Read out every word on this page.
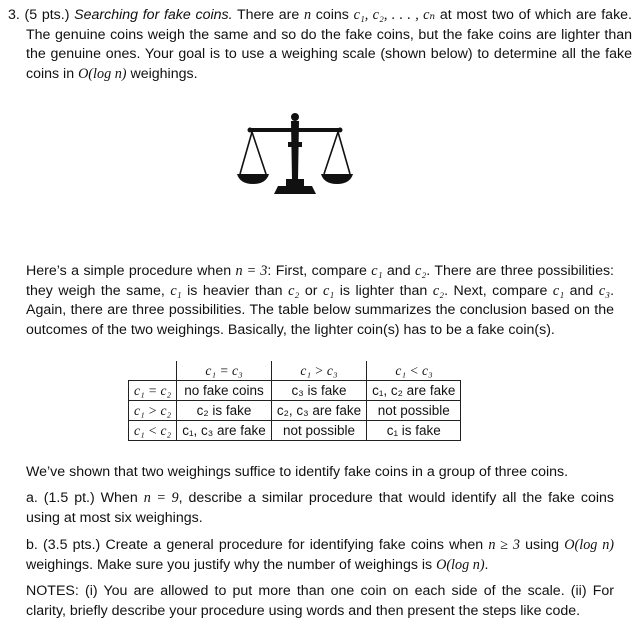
3. (5 pts.) Searching for fake coins. There are n coins c₁, c₂, . . . , cₙ at most two of which are fake. The genuine coins weigh the same and so do the fake coins, but the fake coins are lighter than the genuine ones. Your goal is to use a weighing scale (shown below) to determine all the fake coins in O(log n) weighings.

Here’s a simple procedure when n = 3: First, compare c₁ and c₂. There are three possibilities: they weigh the same, c₁ is heavier than c₂ or c₁ is lighter than c₂. Next, compare c₁ and c₃. Again, there are three possibilities. The table below summarizes the conclusion based on the outcomes of the two weighings. Basically, the lighter coin(s) has to be a fake coin(s).

	c₁ = c₃	c₁ > c₃	c₁ < c₃
c₁ = c₂	no fake coins	c₃ is fake	c₁, c₂ are fake
c₁ > c₂	c₂ is fake	c₂, c₃ are fake	not possible
c₁ < c₂	c₁, c₃ are fake	not possible	c₁ is fake

We’ve shown that two weighings suffice to identify fake coins in a group of three coins.

a. (1.5 pt.) When n = 9, describe a similar procedure that would identify all the fake coins using at most six weighings.

b. (3.5 pts.) Create a general procedure for identifying fake coins when n ≥ 3 using O(log n) weighings. Make sure you justify why the number of weighings is O(log n).

NOTES: (i) You are allowed to put more than one coin on each side of the scale. (ii) For clarity, briefly describe your procedure using words and then present the steps like code.
